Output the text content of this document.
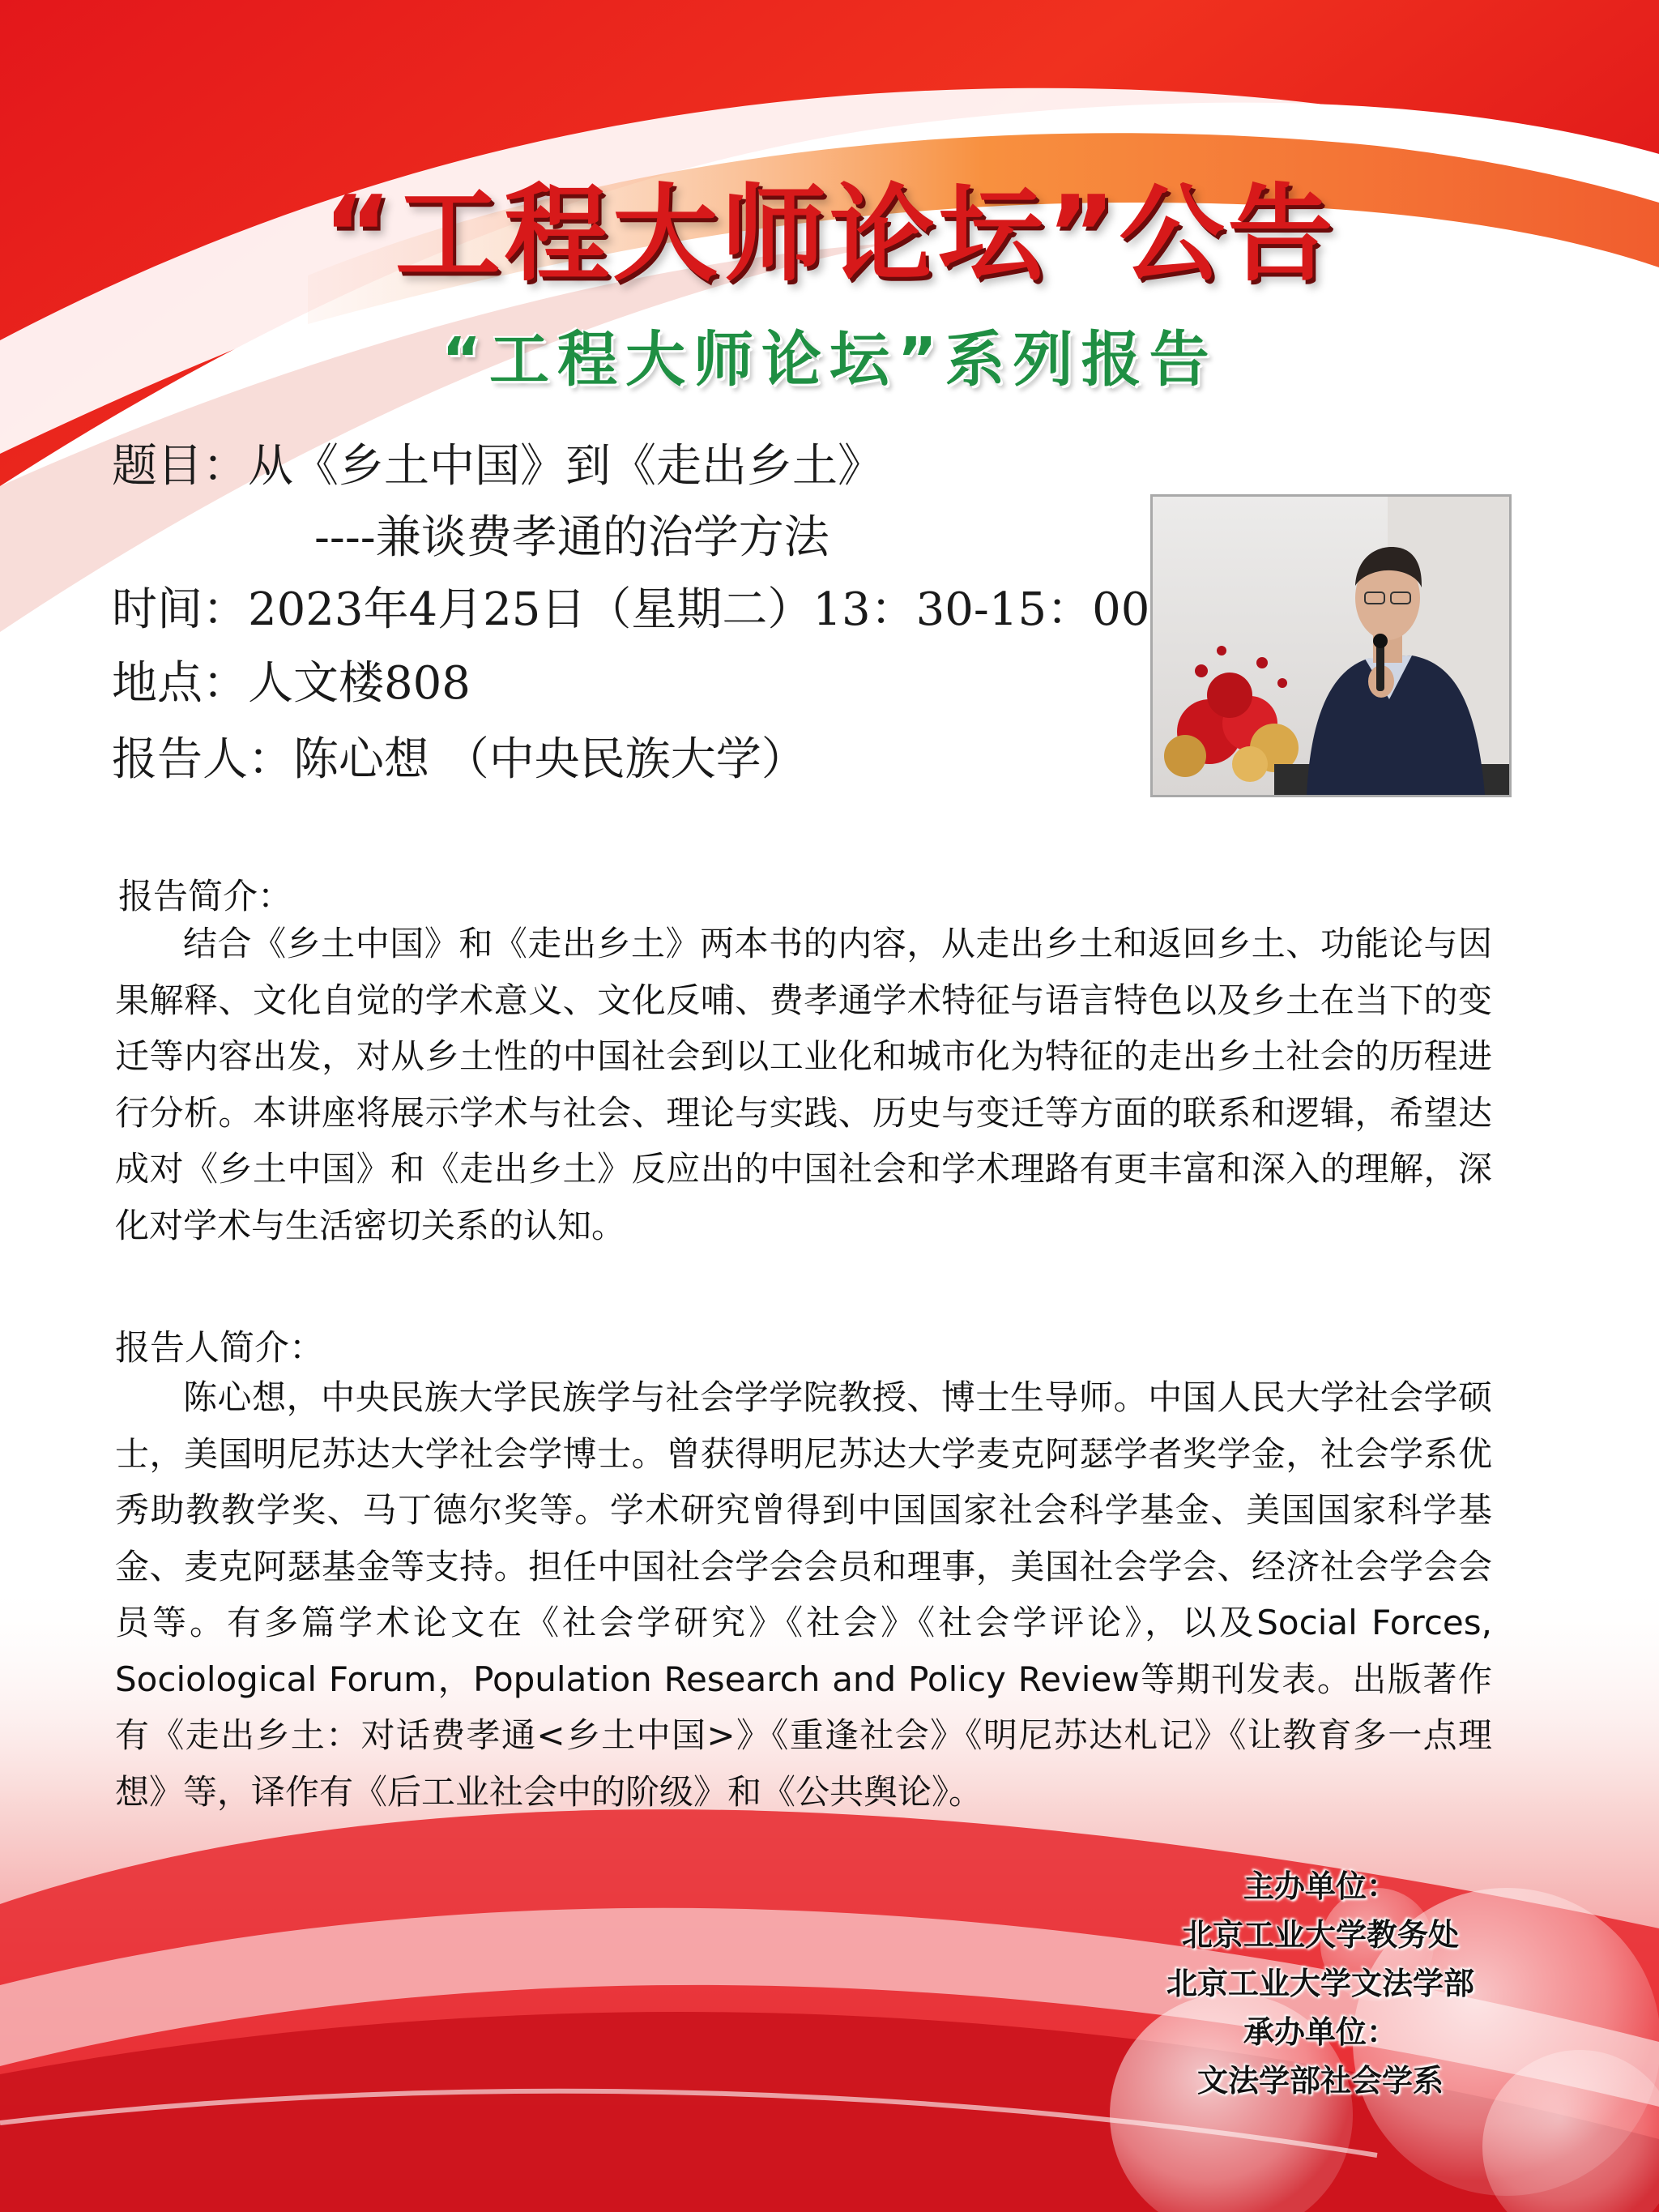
“工程大师论坛”公告
“工程大师论坛”系列报告
题目：从《乡土中国》到《走出乡土》
----兼谈费孝通的治学方法
时间：2023年4月25日（星期二）13：30-15：00
地点：人文楼808
报告人：陈心想 （中央民族大学）
报告简介：
结合《乡土中国》和《走出乡土》两本书的内容，从走出乡土和返回乡土、功能论与因果解释、文化自觉的学术意义、文化反哺、费孝通学术特征与语言特色以及乡土在当下的变迁等内容出发，对从乡土性的中国社会到以工业化和城市化为特征的走出乡土社会的历程进行分析。本讲座将展示学术与社会、理论与实践、历史与变迁等方面的联系和逻辑，希望达成对《乡土中国》和《走出乡土》反应出的中国社会和学术理路有更丰富和深入的理解，深化对学术与生活密切关系的认知。
报告人简介：
陈心想，中央民族大学民族学与社会学学院教授、博士生导师。中国人民大学社会学硕士，美国明尼苏达大学社会学博士。曾获得明尼苏达大学麦克阿瑟学者奖学金，社会学系优秀助教教学奖、马丁德尔奖等。学术研究曾得到中国国家社会科学基金、美国国家科学基金、麦克阿瑟基金等支持。担任中国社会学会会员和理事，美国社会学会、经济社会学会会员等。有多篇学术论文在《社会学研究》《社会》《社会学评论》，以及Social Forces, Sociological Forum，Population Research and Policy Review等期刊发表。出版著作有《走出乡土：对话费孝通<乡土中国>》《重逢社会》《明尼苏达札记》《让教育多一点理想》等，译作有《后工业社会中的阶级》和《公共舆论》。
主办单位：
北京工业大学教务处
北京工业大学文法学部
承办单位：
文法学部社会学系
